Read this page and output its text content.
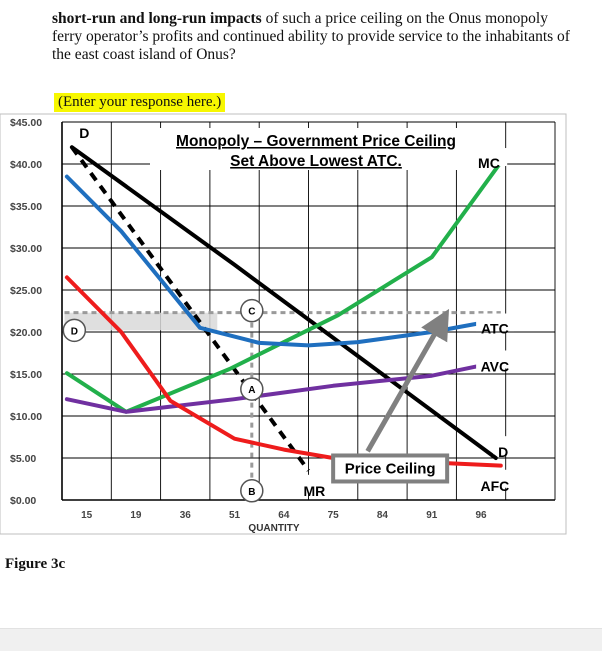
short-run and long-run impacts of such a price ceiling on the Onus monopoly ferry operator’s profits and continued ability to provide service to the inhabitants of the east coast island of Onus?

(Enter your response here.)
$0.00
$5.00
$10.00
$15.00
$20.00
$25.00
$30.00
$35.00
$40.00
$45.00
15	19	36	51	64	75	84	91	96
QUANTITY
C
A
B
D
Monopoly – Government Price Ceiling
Set Above Lowest ATC.
D
D
MC
ATC
AVC
AFC
MR
Price Ceiling
Figure 3c
